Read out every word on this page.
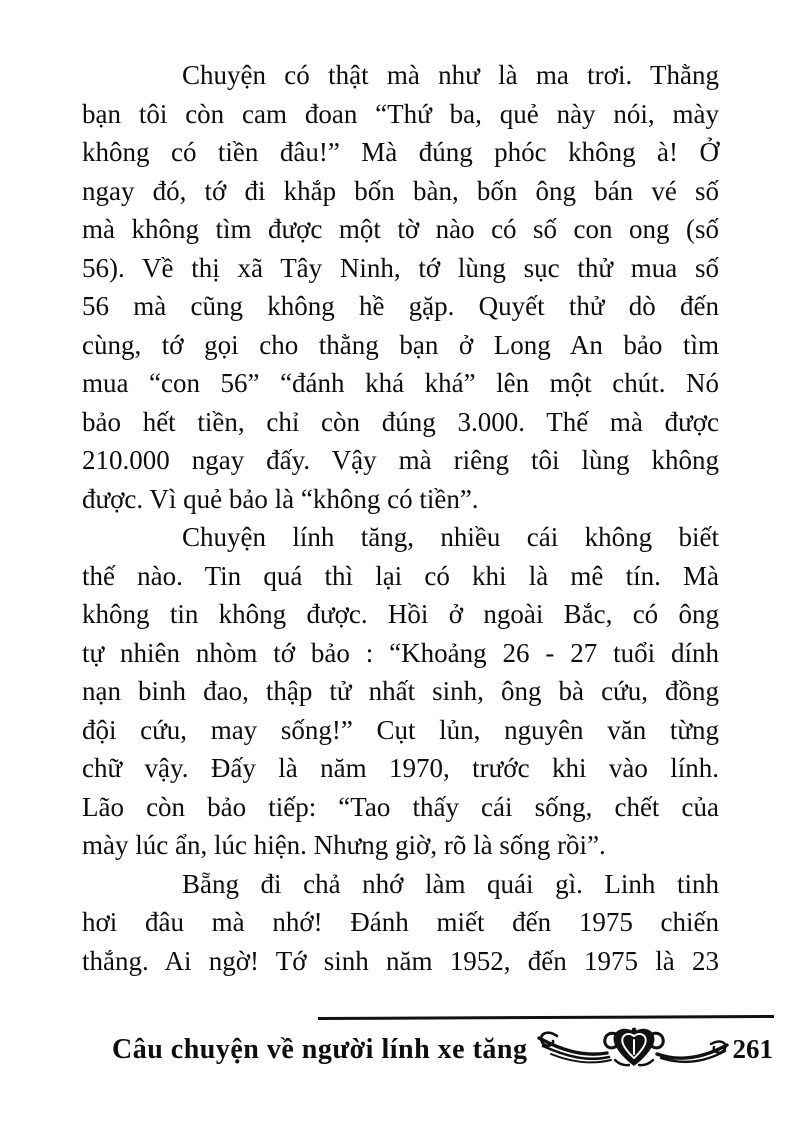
Chuyện có thật mà như là ma trơi. Thằng
bạn tôi còn cam đoan “Thứ ba, quẻ này nói, mày
không có tiền đâu!” Mà đúng phóc không à! Ở
ngay đó, tớ đi khắp bốn bàn, bốn ông bán vé số
mà không tìm được một tờ nào có số con ong (số
56). Về thị xã Tây Ninh, tớ lùng sục thử mua số
56 mà cũng không hề gặp. Quyết thử dò đến
cùng, tớ gọi cho thằng bạn ở Long An bảo tìm
mua “con 56” “đánh khá khá” lên một chút. Nó
bảo hết tiền, chỉ còn đúng 3.000. Thế mà được
210.000 ngay đấy. Vậy mà riêng tôi lùng không
được. Vì quẻ bảo là “không có tiền”.
Chuyện lính tăng, nhiều cái không biết
thế nào. Tin quá thì lại có khi là mê tín. Mà
không tin không được. Hồi ở ngoài Bắc, có ông
tự nhiên nhòm tớ bảo : “Khoảng 26 - 27 tuổi dính
nạn binh đao, thập tử nhất sinh, ông bà cứu, đồng
đội cứu, may sống!” Cụt lủn, nguyên văn từng
chữ vậy. Đấy là năm 1970, trước khi vào lính.
Lão còn bảo tiếp: “Tao thấy cái sống, chết của
mày lúc ẩn, lúc hiện. Nhưng giờ, rõ là sống rồi”.
Bẵng đi chả nhớ làm quái gì. Linh tinh
hơi đâu mà nhớ! Đánh miết đến 1975 chiến
thắng. Ai ngờ! Tớ sinh năm 1952, đến 1975 là 23
Câu chuyện về người lính xe tăng	261
